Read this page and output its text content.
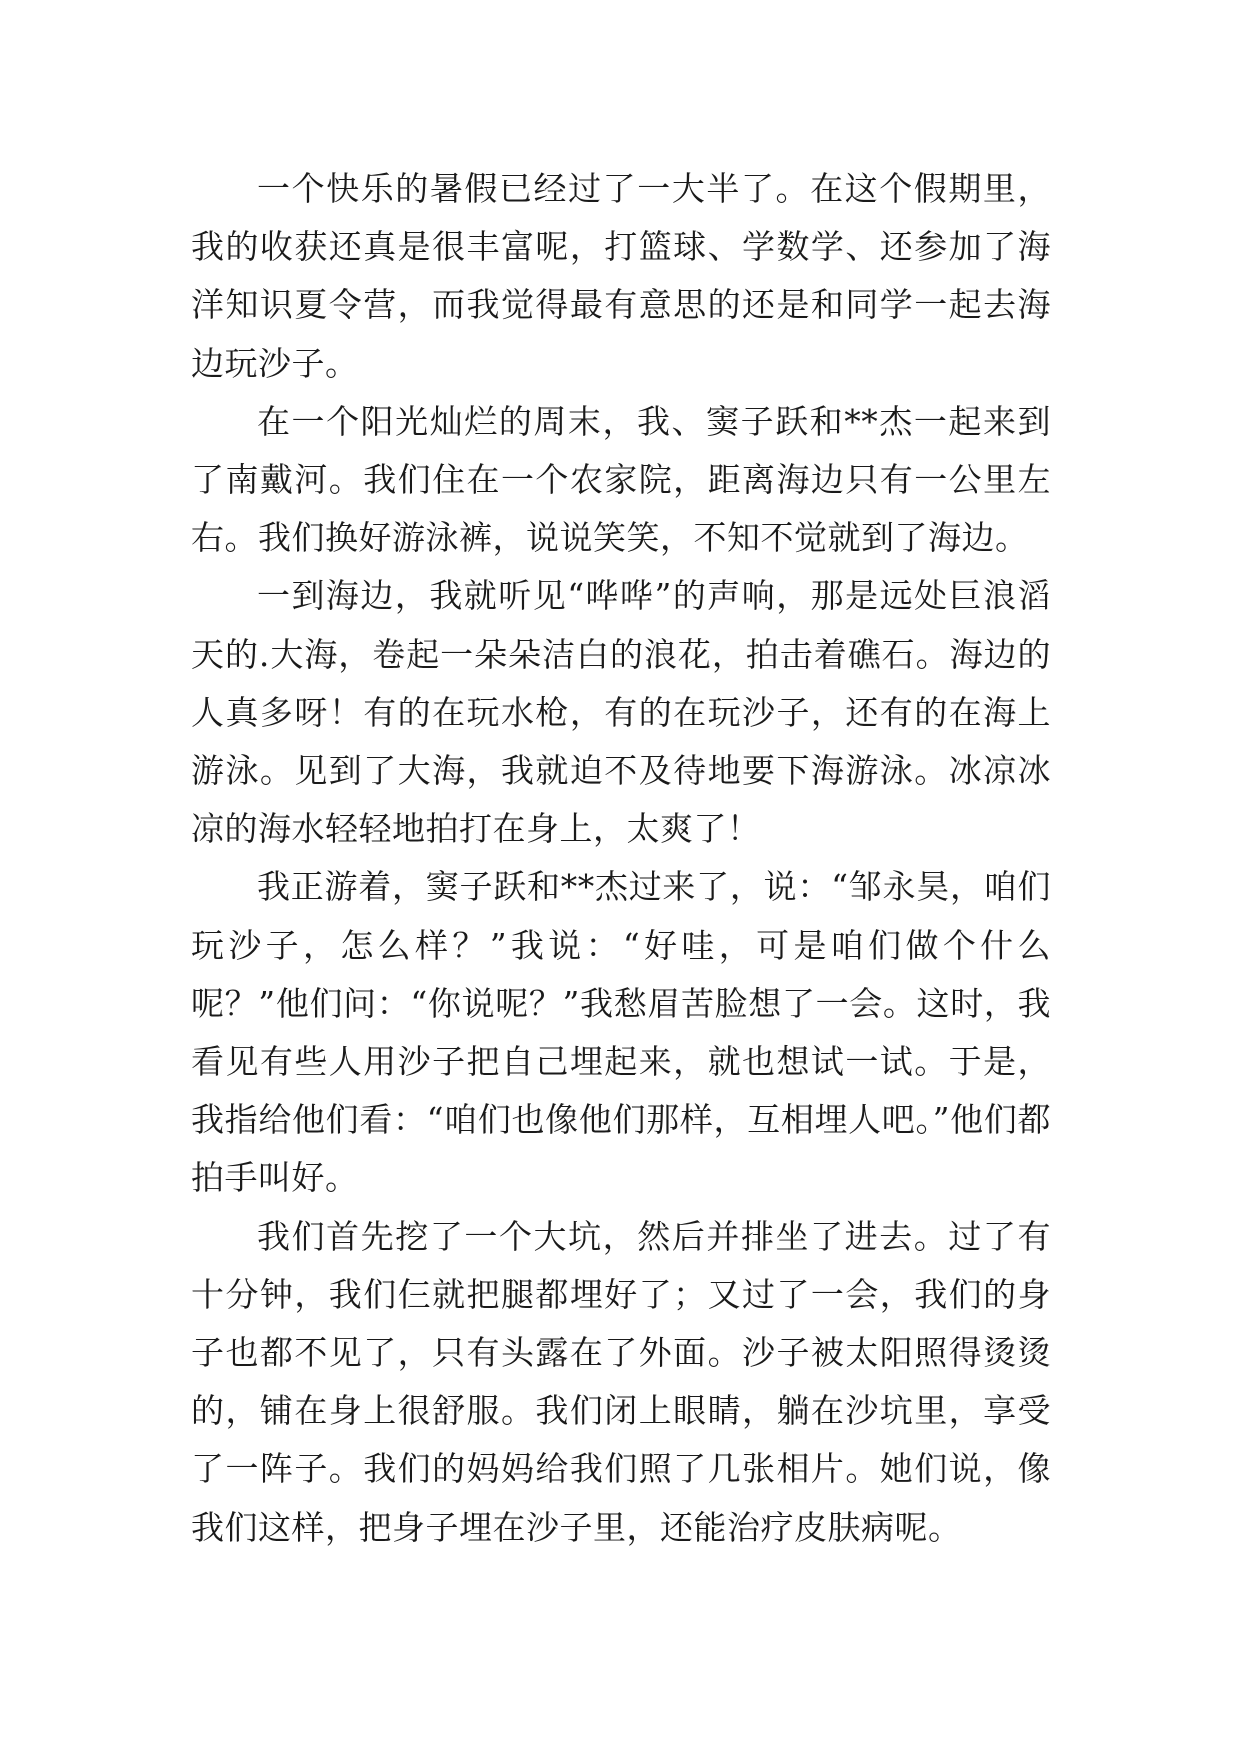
一个快乐的暑假已经过了一大半了。在这个假期里，我的收获还真是很丰富呢，打篮球、学数学、还参加了海洋知识夏令营，而我觉得最有意思的还是和同学一起去海边玩沙子。

在一个阳光灿烂的周末，我、窦子跃和**杰一起来到了南戴河。我们住在一个农家院，距离海边只有一公里左右。我们换好游泳裤，说说笑笑，不知不觉就到了海边。

一到海边，我就听见“哗哗”的声响，那是远处巨浪滔天的.大海，卷起一朵朵洁白的浪花，拍击着礁石。海边的人真多呀！有的在玩水枪，有的在玩沙子，还有的在海上游泳。见到了大海，我就迫不及待地要下海游泳。冰凉冰凉的海水轻轻地拍打在身上，太爽了！

我正游着，窦子跃和**杰过来了，说：“邹永昊，咱们玩沙子，怎么样？”我说：“好哇，可是咱们做个什么呢？”他们问：“你说呢？”我愁眉苦脸想了一会。这时，我看见有些人用沙子把自己埋起来，就也想试一试。于是，我指给他们看：“咱们也像他们那样，互相埋人吧。”他们都拍手叫好。

我们首先挖了一个大坑，然后并排坐了进去。过了有十分钟，我们仨就把腿都埋好了；又过了一会，我们的身子也都不见了，只有头露在了外面。沙子被太阳照得烫烫的，铺在身上很舒服。我们闭上眼睛，躺在沙坑里，享受了一阵子。我们的妈妈给我们照了几张相片。她们说，像我们这样，把身子埋在沙子里，还能治疗皮肤病呢。
